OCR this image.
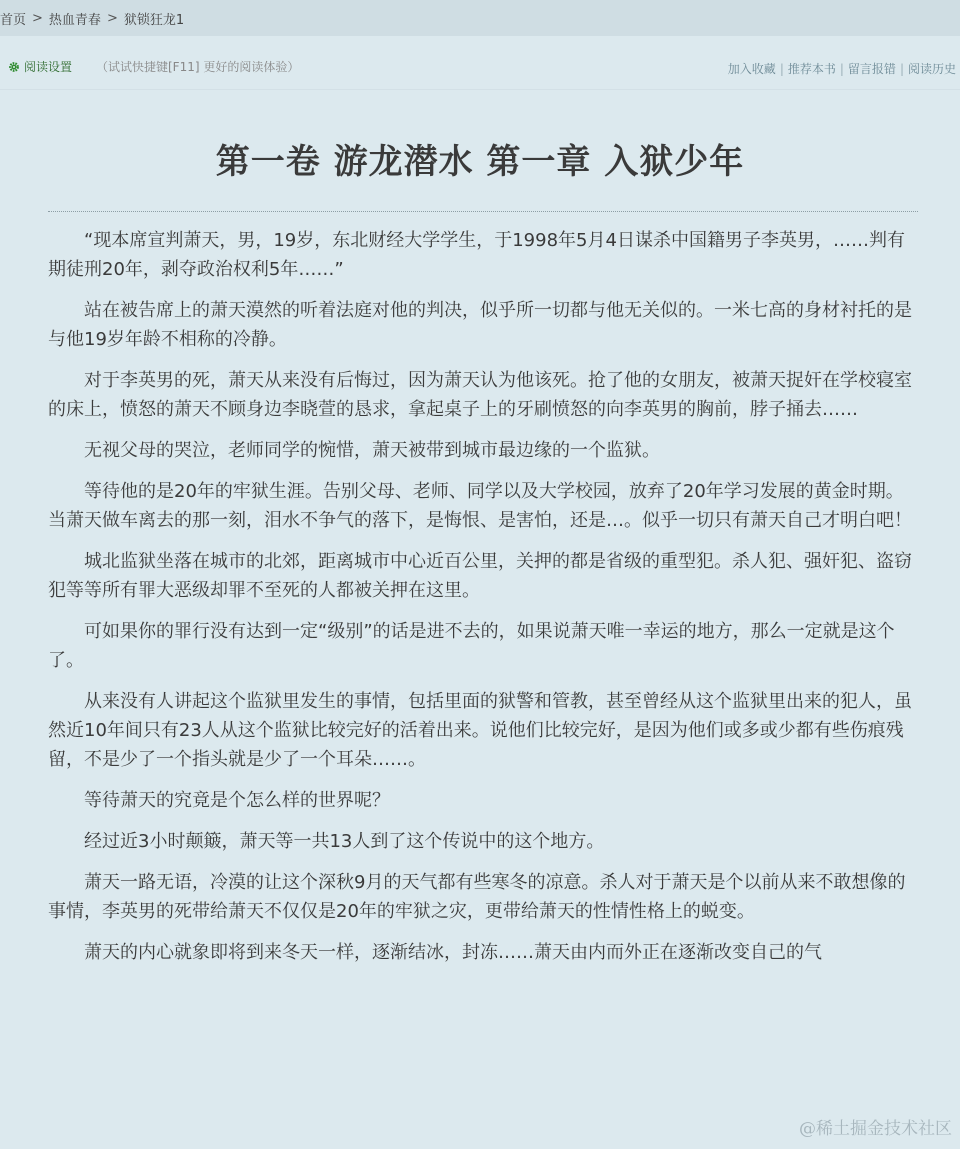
首页 > 热血青春 > 狱锁狂龙1
阅读设置 （试试快捷键[F11] 更好的阅读体验）	加入收藏 | 推荐本书 | 留言报错 | 阅读历史
第一卷 游龙潜水 第一章 入狱少年

“现本席宣判萧天，男，19岁，东北财经大学学生，于1998年5月4日谋杀中国籍男子李英男，……判有期徒刑20年，剥夺政治权利5年……”

站在被告席上的萧天漠然的听着法庭对他的判决，似乎所一切都与他无关似的。一米七高的身材衬托的是与他19岁年龄不相称的冷静。

对于李英男的死，萧天从来没有后悔过，因为萧天认为他该死。抢了他的女朋友，被萧天捉奸在学校寝室的床上，愤怒的萧天不顾身边李晓萱的恳求，拿起桌子上的牙刷愤怒的向李英男的胸前，脖子捅去……

无视父母的哭泣，老师同学的惋惜，萧天被带到城市最边缘的一个监狱。

等待他的是20年的牢狱生涯。告别父母、老师、同学以及大学校园，放弃了20年学习发展的黄金时期。当萧天做车离去的那一刻，泪水不争气的落下，是悔恨、是害怕，还是…。似乎一切只有萧天自己才明白吧！

城北监狱坐落在城市的北郊，距离城市中心近百公里，关押的都是省级的重型犯。杀人犯、强奸犯、盗窃犯等等所有罪大恶级却罪不至死的人都被关押在这里。

可如果你的罪行没有达到一定“级别”的话是进不去的，如果说萧天唯一幸运的地方，那么一定就是这个了。

从来没有人讲起这个监狱里发生的事情，包括里面的狱警和管教，甚至曾经从这个监狱里出来的犯人，虽然近10年间只有23人从这个监狱比较完好的活着出来。说他们比较完好，是因为他们或多或少都有些伤痕残留，不是少了一个指头就是少了一个耳朵……。

等待萧天的究竟是个怎么样的世界呢？

经过近3小时颠簸，萧天等一共13人到了这个传说中的这个地方。

萧天一路无语，冷漠的让这个深秋9月的天气都有些寒冬的凉意。杀人对于萧天是个以前从来不敢想像的事情，李英男的死带给萧天不仅仅是20年的牢狱之灾，更带给萧天的性情性格上的蜕变。

萧天的内心就象即将到来冬天一样，逐渐结冰，封冻……萧天由内而外正在逐渐改变自己的气

@稀土掘金技术社区
